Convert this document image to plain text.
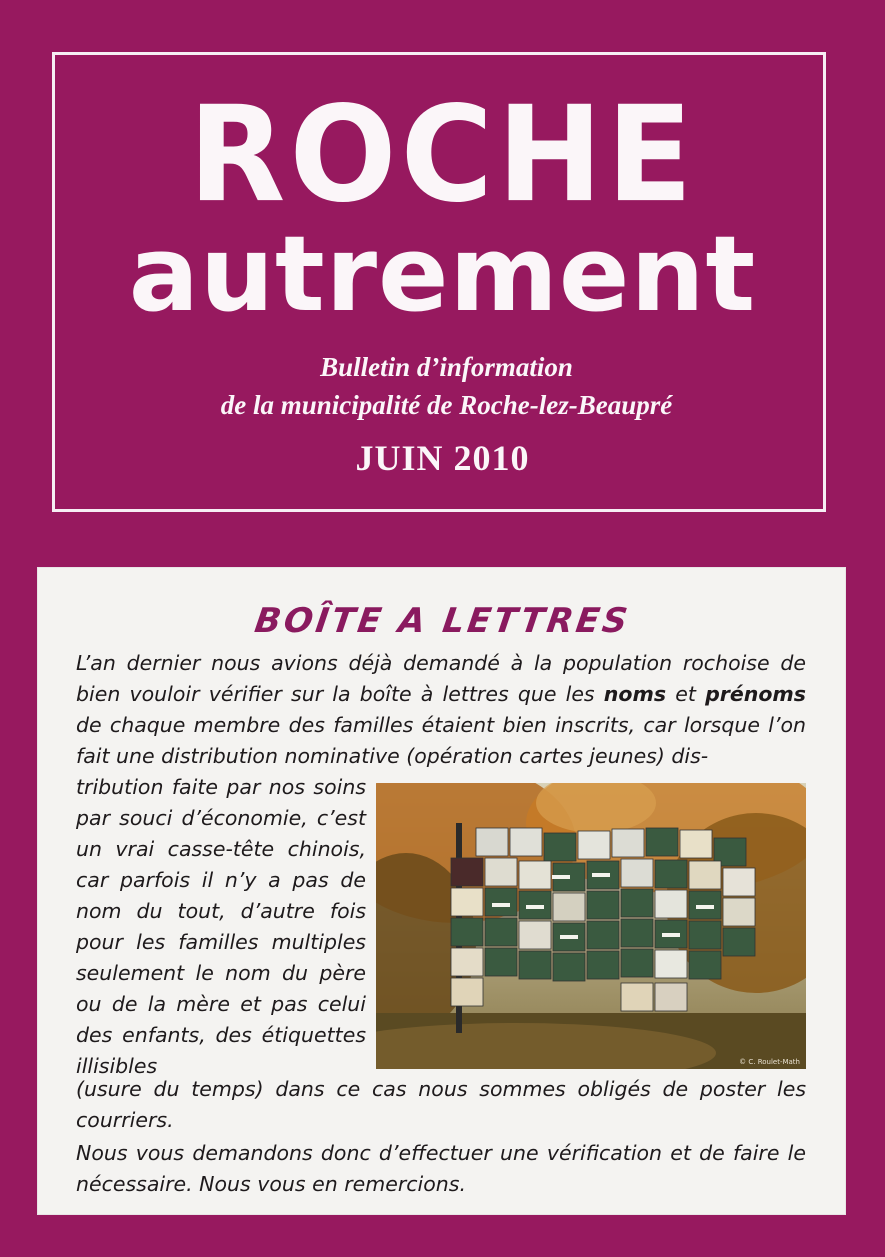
ROCHE
autrement
Bulletin d’information
de la municipalité de Roche-lez-Beaupré
JUIN 2010
BOÎTE A LETTRES

L’an dernier nous avions déjà demandé à la population rochoise de bien vouloir vérifier sur la boîte à lettres que les noms et prénoms de chaque membre des familles étaient bien inscrits, car lorsque l’on fait une distribution nominative (opération cartes jeunes) dis-

tribution faite par nos soins par souci d’économie, c’est un vrai casse-tête chinois, car parfois il n’y a pas de nom du tout, d’autre fois pour les familles multiples seulement le nom du père ou de la mère et pas celui des enfants, des étiquettes illisibles	© C. Roulet-Math

(usure du temps) dans ce cas nous sommes obligés de poster les courriers.

Nous vous demandons donc d’effectuer une vérification et de faire le nécessaire. Nous vous en remercions.
